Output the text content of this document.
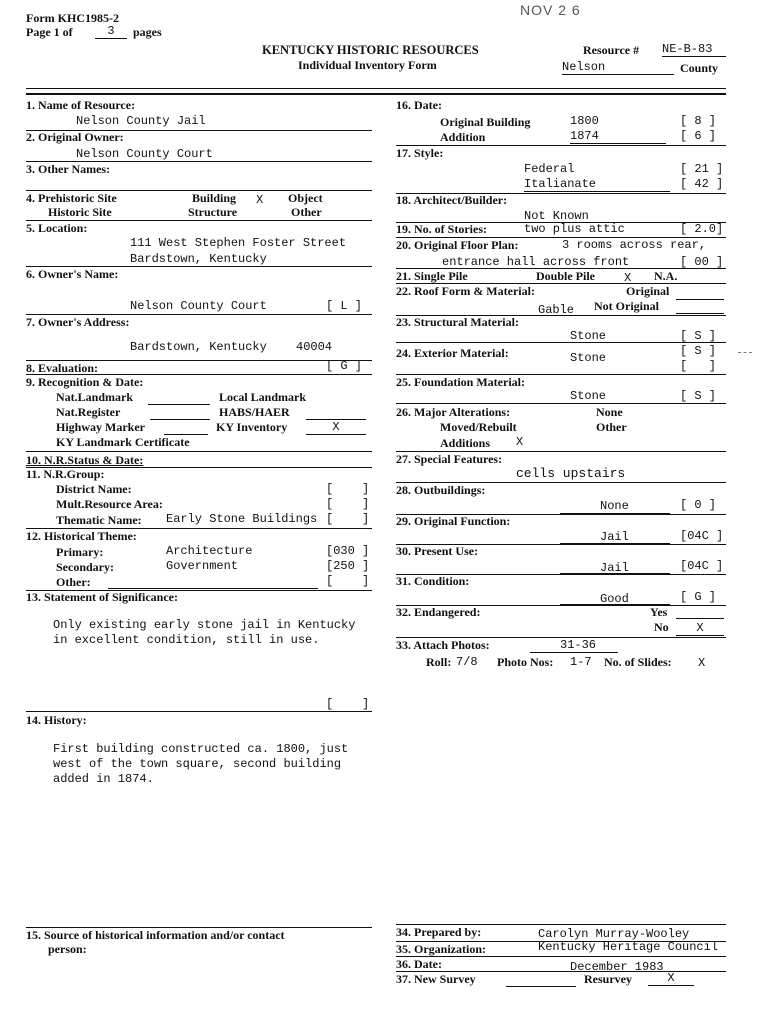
Form KHC1985-2
Page 1 of	3	pages
NOV 2 6
KENTUCKY HISTORIC RESOURCES
Individual Inventory Form
Resource # NE-B-83
Nelson	County
1. Name of Resource:
Nelson County Jail
2. Original Owner:
Nelson County Court
3. Other Names:
4. Prehistoric Site
Historic Site
Building X
Structure
Object
Other
5. Location:
111 West Stephen Foster Street
Bardstown, Kentucky
6. Owner's Name:
Nelson County Court	[ L ]
7. Owner's Address:
Bardstown, Kentucky 40004
8. Evaluation:	[ G ]
9. Recognition & Date:
Nat.Landmark	Local Landmark
Nat.Register	HABS/HAER
Highway Marker	KY Inventory	X
KY Landmark Certificate
10. N.R.Status & Date:
11. N.R.Group:
District Name:	[    ]
Mult.Resource Area:	[    ]
Thematic Name: Early Stone Buildings [    ]
12. Historical Theme:
Primary:	Architecture	[030 ]
Secondary:	Government	[250 ]
Other:	[    ]
13. Statement of Significance:
Only existing early stone jail in Kentucky
in excellent condition, still in use.
[    ]
14. History:
First building constructed ca. 1800, just
west of the town square, second building
added in 1874.
15. Source of historical information and/or contact
person:
16. Date:
Original Building	1800	[ 8 ]
Addition	1874	[ 6 ]
17. Style:
Federal	[ 21 ]
Italianate	[ 42 ]
18. Architect/Builder:
Not Known
19. No. of Stories:	two plus attic	[ 2.0]
20. Original Floor Plan:	3 rooms across rear,
entrance hall across front	[ 00 ]
21. Single Pile	Double Pile X N.A.
22. Roof Form & Material:	Original
Gable Not Original
23. Structural Material:
Stone	[ S ]
24. Exterior Material:	Stone	[ S ]
[   ]
25. Foundation Material:
Stone	[ S ]
26. Major Alterations:	None
Moved/Rebuilt	Other
Additions X
27. Special Features:
cells upstairs
28. Outbuildings:
None	[ 0 ]
29. Original Function:
Jail	[04C ]
30. Present Use:
Jail	[04C ]
31. Condition:
Good	[ G ]
32. Endangered:	Yes
No	X
33. Attach Photos:	31-36
Roll: 7/8 Photo Nos: 1-7 No. of Slides: X
34. Prepared by:	Carolyn Murray-Wooley
35. Organization:	Kentucky Heritage Council
36. Date:	December 1983
37. New Survey	Resurvey	X
